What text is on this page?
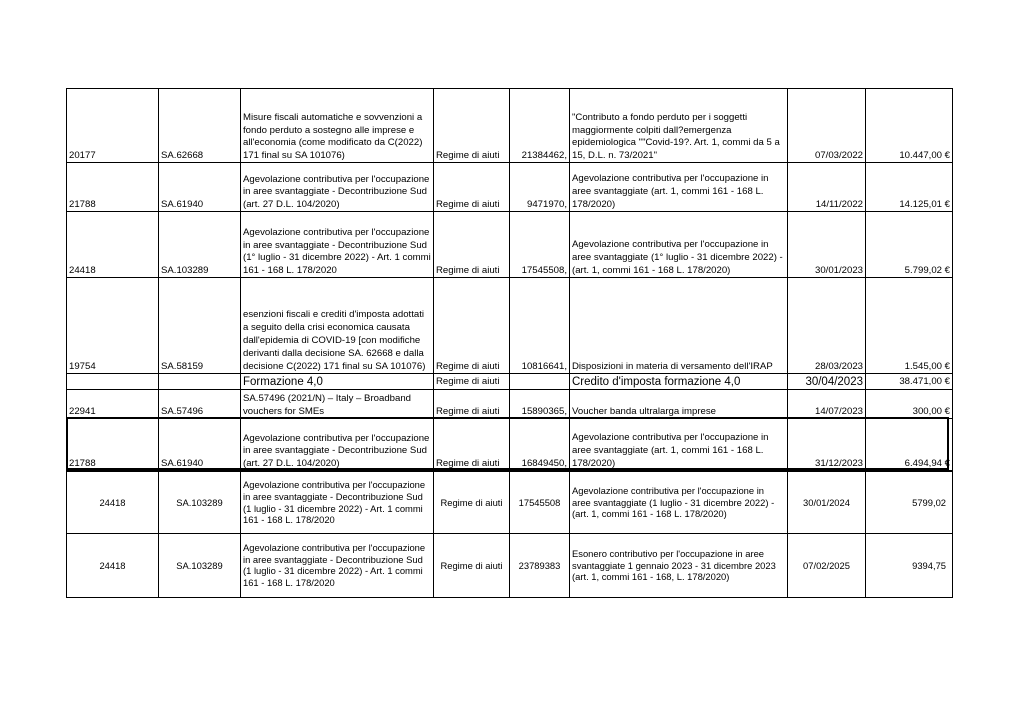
20177	SA.62668	Misure fiscali automatiche e sovvenzioni a fondo perduto a sostegno alle imprese e all'economia (come modificato da C(2022) 171 final su SA 101076)	Regime di aiuti	21384462,	"Contributo a fondo perduto per i soggetti maggiormente colpiti dall?emergenza epidemiologica ""Covid-19?. Art. 1, commi da 5 a 15, D.L. n. 73/2021"	07/03/2022	10.447,00 €
21788	SA.61940	Agevolazione contributiva per l'occupazione in aree svantaggiate - Decontribuzione Sud (art. 27 D.L. 104/2020)	Regime di aiuti	9471970,	Agevolazione contributiva per l'occupazione in aree svantaggiate (art. 1, commi 161 - 168 L. 178/2020)	14/11/2022	14.125,01 €
24418	SA.103289	Agevolazione contributiva per l'occupazione in aree svantaggiate - Decontribuzione Sud (1° luglio - 31 dicembre 2022) - Art. 1 commi 161 - 168 L. 178/2020	Regime di aiuti	17545508,	Agevolazione contributiva per l'occupazione in aree svantaggiate (1° luglio - 31 dicembre 2022) - (art. 1, commi 161 - 168 L. 178/2020)	30/01/2023	5.799,02 €
19754	SA.58159	esenzioni fiscali e crediti d'imposta adottati a seguito della crisi economica causata dall'epidemia di COVID-19 [con modifiche derivanti dalla decisione SA. 62668 e dalla decisione C(2022) 171 final su SA 101076)	Regime di aiuti	10816641,	Disposizioni in materia di versamento dell'IRAP	28/03/2023	1.545,00 €
		Formazione 4,0	Regime di aiuti		Credito d'imposta formazione 4,0	30/04/2023	38.471,00 €
22941	SA.57496	SA.57496 (2021/N) – Italy – Broadband vouchers for SMEs	Regime di aiuti	15890365,	Voucher banda ultralarga imprese	14/07/2023	300,00 €
21788	SA.61940	Agevolazione contributiva per l'occupazione in aree svantaggiate - Decontribuzione Sud (art. 27 D.L. 104/2020)	Regime di aiuti	16849450,	Agevolazione contributiva per l'occupazione in aree svantaggiate (art. 1, commi 161 - 168 L. 178/2020)	31/12/2023	6.494,94 €
24418	SA.103289	Agevolazione contributiva per l'occupazione in aree svantaggiate - Decontribuzione Sud (1 luglio - 31 dicembre 2022) - Art. 1 commi 161 - 168 L. 178/2020	Regime di aiuti	17545508	Agevolazione contributiva per l'occupazione in aree svantaggiate (1 luglio - 31 dicembre 2022) - (art. 1, commi 161 - 168 L. 178/2020)	30/01/2024	5799,02
24418	SA.103289	Agevolazione contributiva per l'occupazione in aree svantaggiate - Decontribuzione Sud (1 luglio - 31 dicembre 2022) - Art. 1 commi 161 - 168 L. 178/2020	Regime di aiuti	23789383	Esonero contributivo per l'occupazione in aree svantaggiate 1 gennaio 2023 - 31 dicembre 2023 (art. 1, commi 161 - 168, L. 178/2020)	07/02/2025	9394,75
